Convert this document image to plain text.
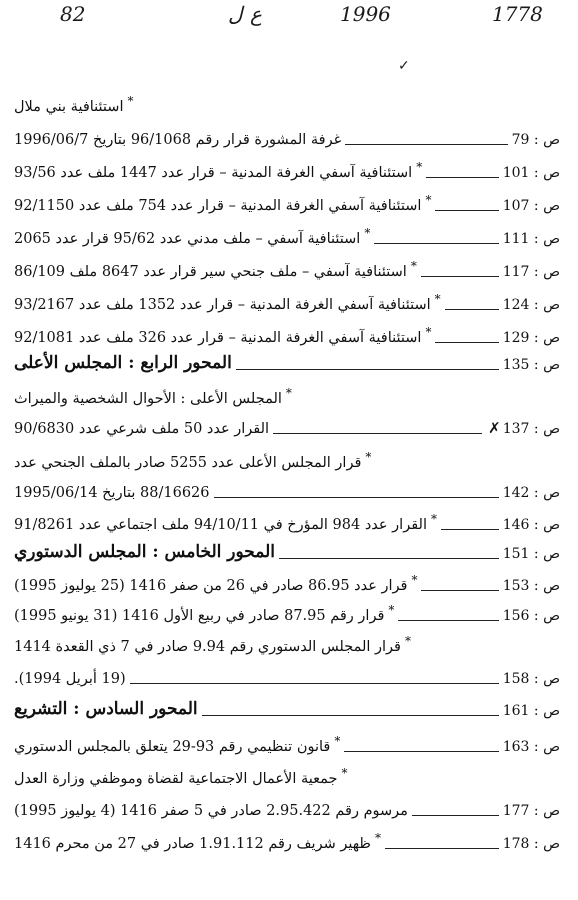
82	ل ع	1996	1778
✓
*استئنافية بني ملال
غرفة المشورة قرار رقم 96/1068 بتاريخ 1996/06/7	ص : 79
*استئنافية آسفي الغرفة المدنية – قرار عدد 1447 ملف عدد 93/56	ص : 101
*استئنافية آسفي الغرفة المدنية – قرار عدد 754 ملف عدد 92/1150	ص : 107
*استئنافية آسفي – ملف مدني عدد 95/62 قرار عدد 2065	ص : 111
*استئنافية آسفي – ملف جنحي سير قرار عدد 8647 ملف 86/109	ص : 117
*استئنافية آسفي الغرفة المدنية – قرار عدد 1352 ملف عدد 93/2167	ص : 124
*استئنافية آسفي الغرفة المدنية – قرار عدد 326 ملف عدد 92/1081	ص : 129
المحور الرابع : المجلس الأعلى	ص : 135
*المجلس الأعلى : الأحوال الشخصية والميراث
القرار عدد 50 ملف شرعي عدد 90/6830	✗ ص : 137
*قرار المجلس الأعلى عدد 5255 صادر بالملف الجنحي عدد
88/16626 بتاريخ 1995/06/14	ص : 142
*القرار عدد 984 المؤرخ في 94/10/11 ملف اجتماعي عدد 91/8261	ص : 146
المحور الخامس : المجلس الدستوري	ص : 151
*قرار عدد 86.95 صادر في 26 من صفر 1416 (25 يوليوز 1995)	ص : 153
*قرار رقم 87.95 صادر في ربيع الأول 1416 (31 يونيو 1995)	ص : 156
*قرار المجلس الدستوري رقم 9.94 صادر في 7 ذي القعدة 1414
(19 أبريل 1994).	ص : 158
المحور السادس : التشريع	ص : 161
*قانون تنظيمي رقم 93-29 يتعلق بالمجلس الدستوري	ص : 163
*جمعية الأعمال الاجتماعية لقضاة وموظفي وزارة العدل
مرسوم رقم 2.95.422 صادر في 5 صفر 1416 (4 يوليوز 1995)	ص : 177
*ظهير شريف رقم 1.91.112 صادر في 27 من محرم 1416	ص : 178
